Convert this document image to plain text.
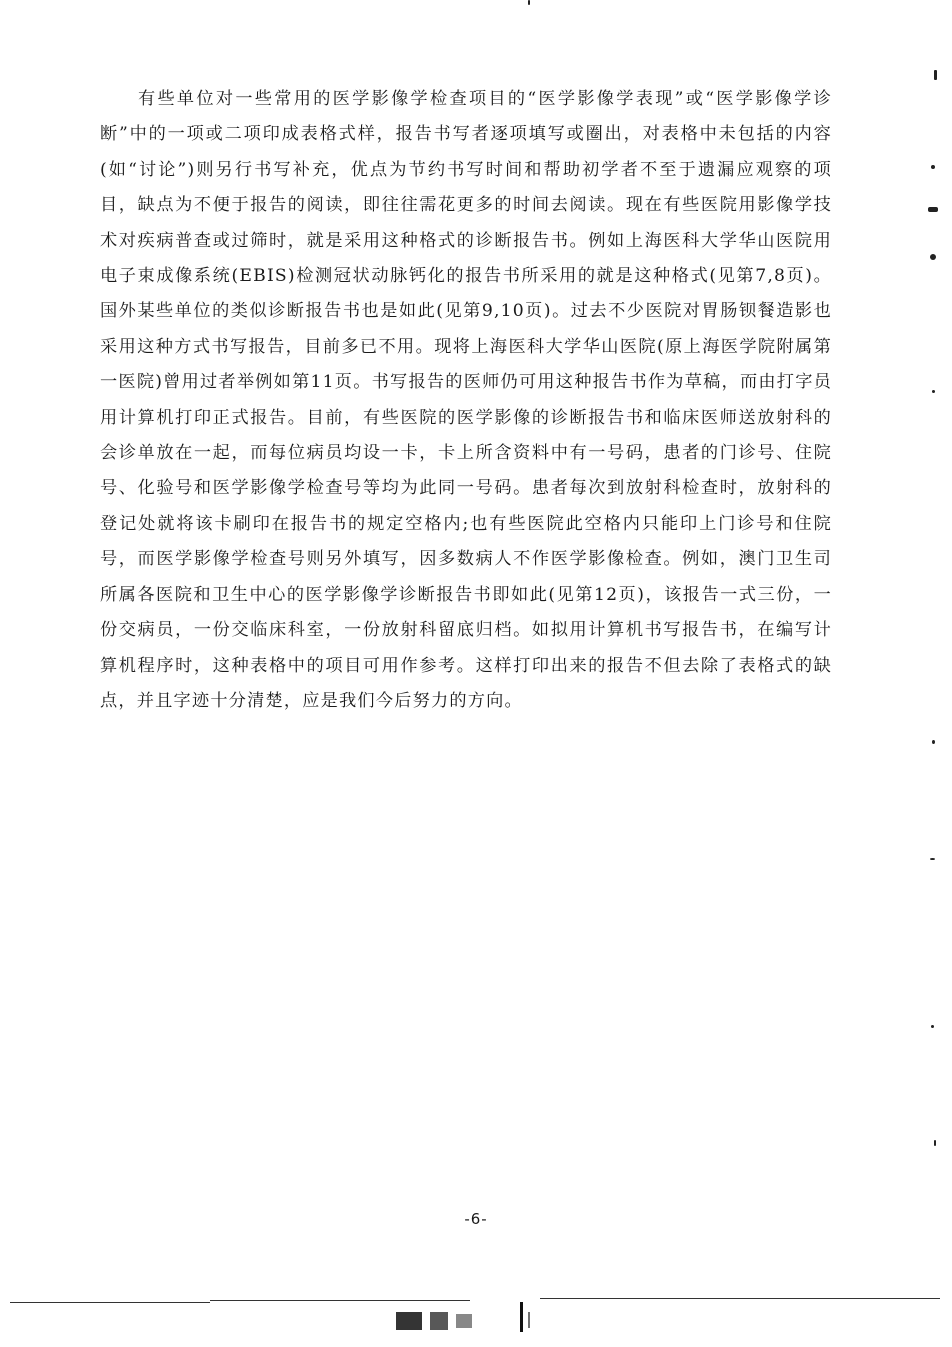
有些单位对一些常用的医学影像学检查项目的“医学影像学表现”或“医学影像学诊断”中的一项或二项印成表格式样，报告书写者逐项填写或圈出，对表格中未包括的内容(如“讨论”)则另行书写补充，优点为节约书写时间和帮助初学者不至于遗漏应观察的项目，缺点为不便于报告的阅读，即往往需花更多的时间去阅读。现在有些医院用影像学技术对疾病普查或过筛时，就是采用这种格式的诊断报告书。例如上海医科大学华山医院用电子束成像系统(EBIS)检测冠状动脉钙化的报告书所采用的就是这种格式(见第7,8页)。国外某些单位的类似诊断报告书也是如此(见第9,10页)。过去不少医院对胃肠钡餐造影也采用这种方式书写报告，目前多已不用。现将上海医科大学华山医院(原上海医学院附属第一医院)曾用过者举例如第11页。书写报告的医师仍可用这种报告书作为草稿，而由打字员用计算机打印正式报告。目前，有些医院的医学影像的诊断报告书和临床医师送放射科的会诊单放在一起，而每位病员均设一卡，卡上所含资料中有一号码，患者的门诊号、住院号、化验号和医学影像学检查号等均为此同一号码。患者每次到放射科检查时，放射科的登记处就将该卡刷印在报告书的规定空格内;也有些医院此空格内只能印上门诊号和住院号，而医学影像学检查号则另外填写，因多数病人不作医学影像检查。例如，澳门卫生司所属各医院和卫生中心的医学影像学诊断报告书即如此(见第12页)，该报告一式三份，一份交病员，一份交临床科室，一份放射科留底归档。如拟用计算机书写报告书，在编写计算机程序时，这种表格中的项目可用作参考。这样打印出来的报告不但去除了表格式的缺点，并且字迹十分清楚，应是我们今后努力的方向。

-6-
